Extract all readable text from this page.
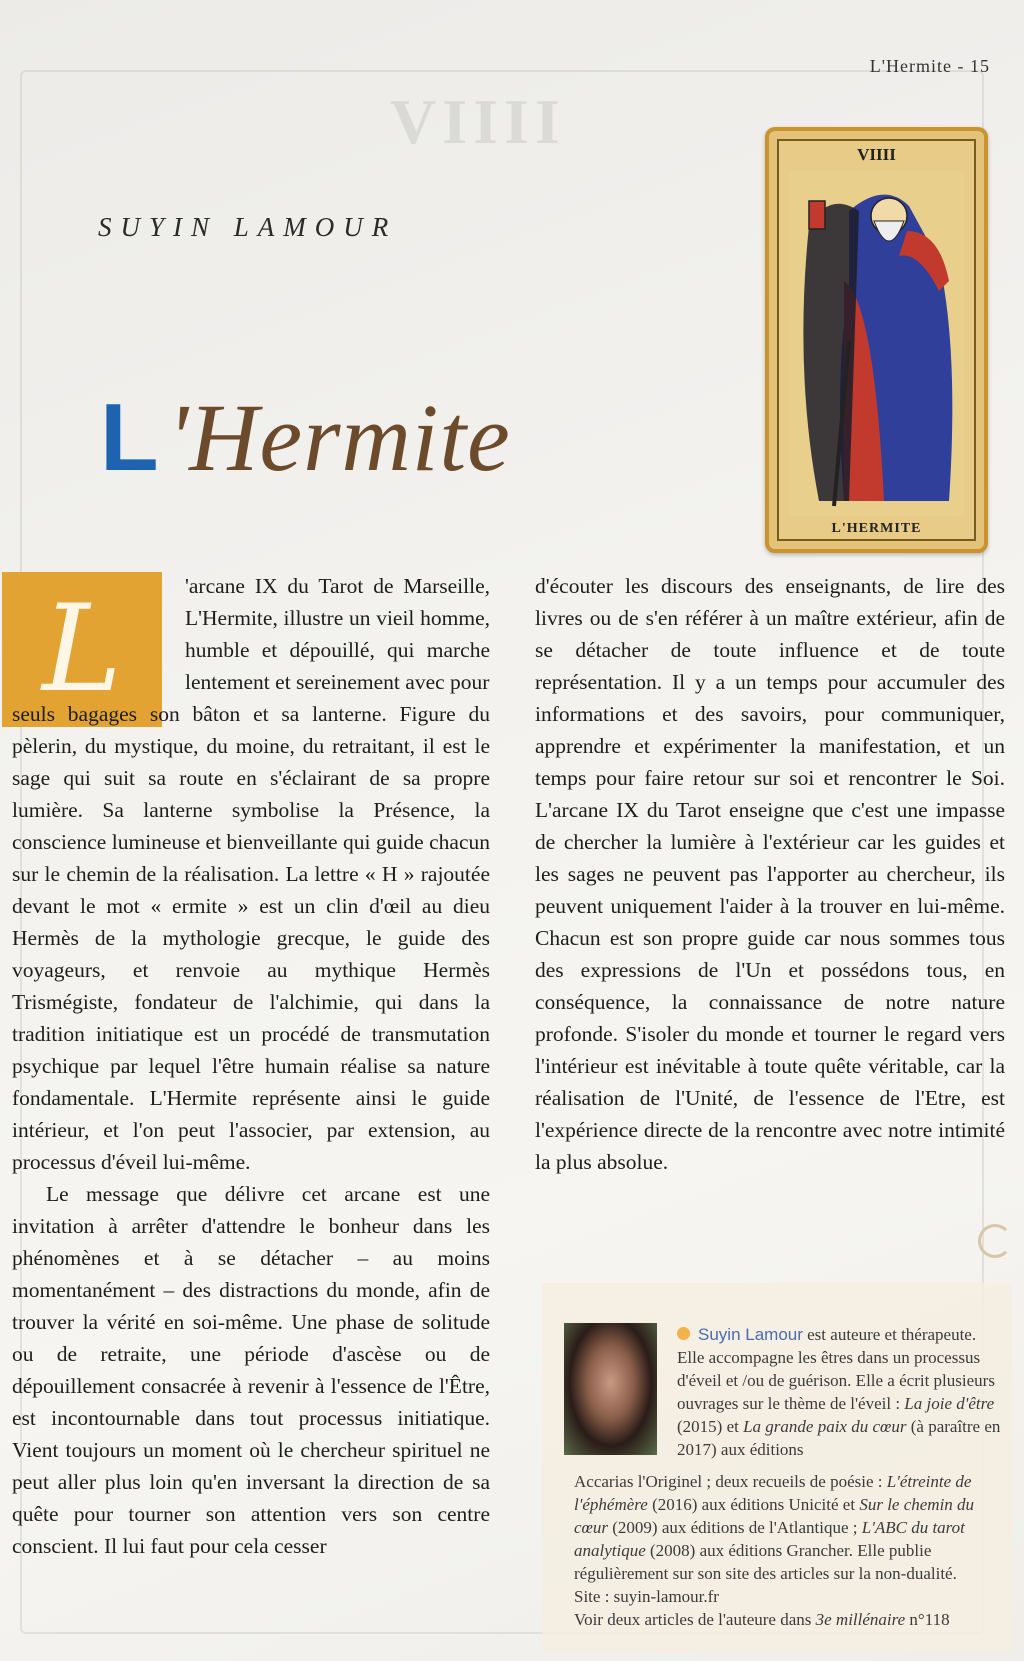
VIIII
L'Hermite - 15
SUYIN LAMOUR
L'Hermite
VIIII
L'HERMITE
L	'arcane IX du Tarot de Marseille, L'Hermite, illustre un vieil homme, humble et dépouillé, qui marche lentement et sereinement avec pour

seuls bagages son bâton et sa lanterne. Figure du pèlerin, du mystique, du moine, du retraitant, il est le sage qui suit sa route en s'éclairant de sa propre lumière. Sa lanterne symbolise la Présence, la conscience lumineuse et bienveillante qui guide chacun sur le chemin de la réalisation. La lettre « H » rajoutée devant le mot « ermite » est un clin d'œil au dieu Hermès de la mythologie grecque, le guide des voyageurs, et renvoie au mythique Hermès Trismégiste, fondateur de l'alchimie, qui dans la tradition initiatique est un procédé de transmutation psychique par lequel l'être humain réalise sa nature fondamentale. L'Hermite représente ainsi le guide intérieur, et l'on peut l'associer, par extension, au processus d'éveil lui-même.

Le message que délivre cet arcane est une invitation à arrêter d'attendre le bonheur dans les phénomènes et à se détacher – au moins momentanément – des distractions du monde, afin de trouver la vérité en soi-même. Une phase de solitude ou de retraite, une période d'ascèse ou de dépouillement consacrée à revenir à l'essence de l'Être, est incontournable dans tout processus initiatique. Vient toujours un moment où le chercheur spirituel ne peut aller plus loin qu'en inversant la direction de sa quête pour tourner son attention vers son centre conscient. Il lui faut pour cela cesser

d'écouter les discours des enseignants, de lire des livres ou de s'en référer à un maître extérieur, afin de se détacher de toute influence et de toute représentation. Il y a un temps pour accumuler des informations et des savoirs, pour communiquer, apprendre et expérimenter la manifestation, et un temps pour faire retour sur soi et rencontrer le Soi. L'arcane IX du Tarot enseigne que c'est une impasse de chercher la lumière à l'extérieur car les guides et les sages ne peuvent pas l'apporter au chercheur, ils peuvent uniquement l'aider à la trouver en lui-même. Chacun est son propre guide car nous sommes tous des expressions de l'Un et possédons tous, en conséquence, la connaissance de notre nature profonde. S'isoler du monde et tourner le regard vers l'intérieur est inévitable à toute quête véritable, car la réalisation de l'Unité, de l'essence de l'Etre, est l'expérience directe de la rencontre avec notre intimité la plus absolue.

Suyin Lamour est auteure et thérapeute. Elle accompagne les êtres dans un processus d'éveil et /ou de guérison. Elle a écrit plusieurs ouvrages sur le thème de l'éveil : La joie d'être (2015) et La grande paix du cœur (à paraître en 2017) aux éditions
Accarias l'Originel ; deux recueils de poésie : L'étreinte de l'éphémère (2016) aux éditions Unicité et Sur le chemin du cœur (2009) aux éditions de l'Atlantique ; L'ABC du tarot analytique (2008) aux éditions Grancher. Elle publie régulièrement sur son site des articles sur la non-dualité.
Site : suyin-lamour.fr
Voir deux articles de l'auteure dans 3e millénaire n°118
